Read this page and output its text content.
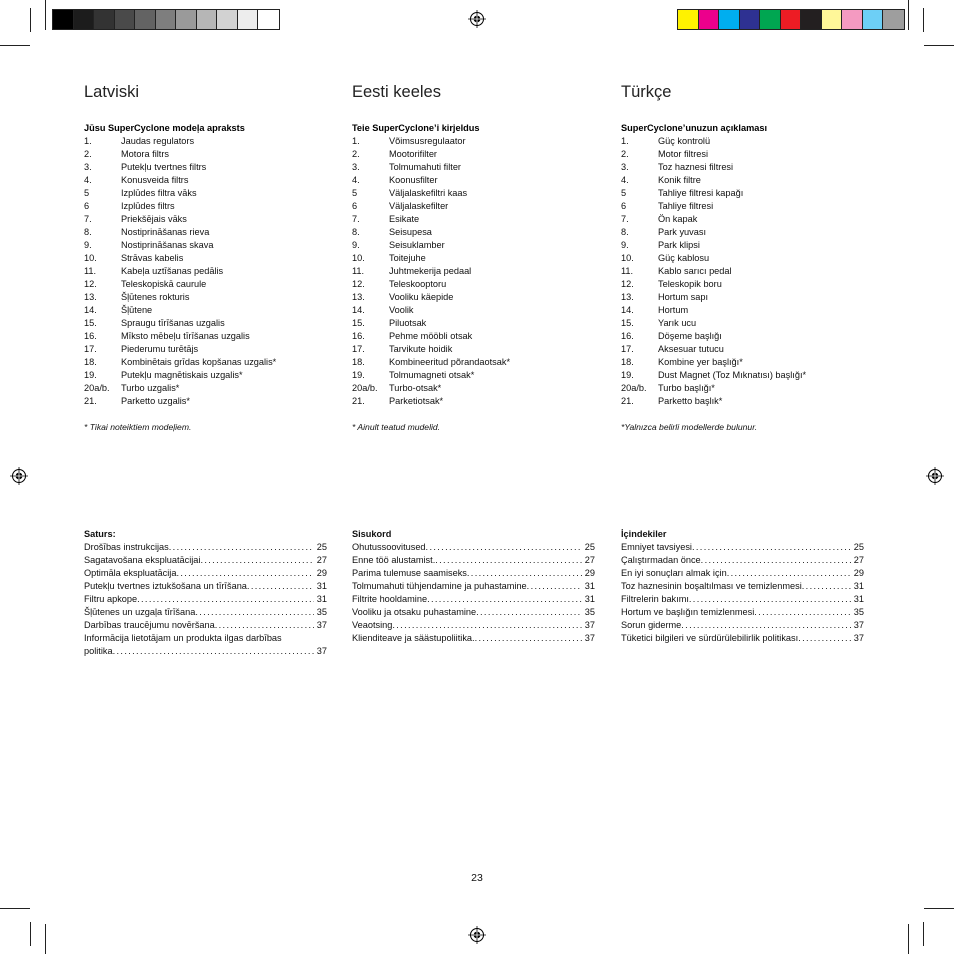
Latviski
Jūsu SuperCyclone modeļa apraksts
1.	Jaudas regulators
2.	Motora filtrs
3.	Putekļu tvertnes filtrs
4.	Konusveida filtrs
5	Izplūdes filtra vāks
6	Izplūdes filtrs
7.	Priekšējais vāks
8.	Nostiprināšanas rieva
9.	Nostiprināšanas skava
10.	Strāvas kabelis
11.	Kabeļa uztīšanas pedālis
12.	Teleskopiskā caurule
13.	Šļūtenes rokturis
14.	Šļūtene
15.	Spraugu tīrīšanas uzgalis
16.	Mīksto mēbeļu tīrīšanas uzgalis
17.	Piederumu turētājs
18.	Kombinētais grīdas kopšanas uzgalis*
19.	Putekļu magnētiskais uzgalis*
20a/b.	Turbo uzgalis*
21.	Parketto uzgalis*
* Tikai noteiktiem modeļiem.
Eesti keeles
Teie SuperCyclone’i kirjeldus
1.	Võimsusregulaator
2.	Mootorifilter
3.	Tolmumahuti filter
4.	Koonusfilter
5	Väljalaskefiltri kaas
6	Väljalaskefilter
7.	Esikate
8.	Seisupesa
9.	Seisuklamber
10.	Toitejuhe
11.	Juhtmekerija pedaal
12.	Teleskooptoru
13.	Vooliku käepide
14.	Voolik
15.	Piluotsak
16.	Pehme mööbli otsak
17.	Tarvikute hoidik
18.	Kombineeritud põrandaotsak*
19.	Tolmumagneti otsak*
20a/b.	Turbo-otsak*
21.	Parketiotsak*
* Ainult teatud mudelid.
Türkçe
SuperCyclone’unuzun açıklaması
1.	Güç kontrolü
2.	Motor filtresi
3.	Toz haznesi filtresi
4.	Konik filtre
5	Tahliye filtresi kapağı
6	Tahliye filtresi
7.	Ön kapak
8.	Park yuvası
9.	Park klipsi
10.	Güç kablosu
11.	Kablo sarıcı pedal
12.	Teleskopik boru
13.	Hortum sapı
14.	Hortum
15.	Yarık ucu
16.	Döşeme başlığı
17.	Aksesuar tutucu
18.	Kombine yer başlığı*
19.	Dust Magnet (Toz Mıknatısı) başlığı*
20a/b.	Turbo başlığı*
21.	Parketto başlık*
*Yalnızca belirli modellerde bulunur.
Saturs:
Drošības instrukcijas . . .	25
Sagatavošana ekspluatācijai . . .	27
Optimāla ekspluatācija . . .	29
Putekļu tvertnes iztukšošana un tīrīšana . . .	31
Filtru apkope . . .	31
Šļūtenes un uzgaļa tīrīšana . . .	35
Darbības traucējumu novēršana . . .	37
Informācija lietotājam un produkta ilgas darbības
politika . . .	37
Sisukord
Ohutussoovitused . . .	25
Enne töö alustamist. . . .	27
Parima tulemuse saamiseks . . .	29
Tolmumahuti tühjendamine ja puhastamine . . .	31
Filtrite hooldamine . . .	31
Vooliku ja otsaku puhastamine . . .	35
Veaotsing . . .	37
Klienditeave ja säästupoliitika. . . .	37
İçindekiler
Emniyet tavsiyesi . . .	25
Çalıştırmadan önce . . .	27
En iyi sonuçları almak için . . .	29
Toz haznesinin boşaltılması ve temizlenmesi . . .	31
Filtrelerin bakımı . . .	31
Hortum ve başlığın temizlenmesi . . .	35
Sorun giderme . . .	37
Tüketici bilgileri ve sürdürülebilirlik politikası . . .	37
23
